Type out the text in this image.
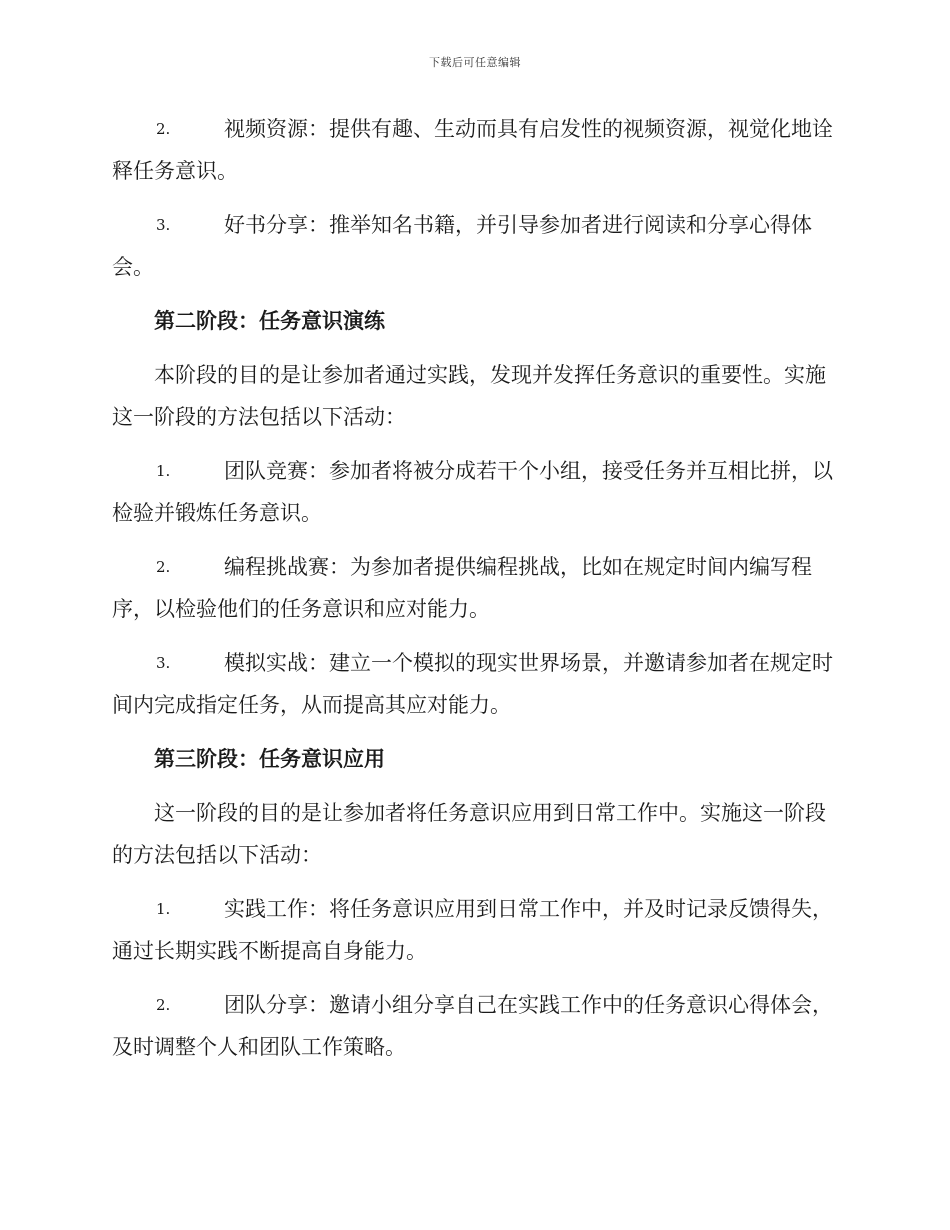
下载后可任意编辑
2.	视频资源：提供有趣、生动而具有启发性的视频资源，视觉化地诠释任务意识。
3.	好书分享：推举知名书籍，并引导参加者进行阅读和分享心得体会。
第二阶段：任务意识演练
本阶段的目的是让参加者通过实践，发现并发挥任务意识的重要性。实施这一阶段的方法包括以下活动：
1.	团队竞赛：参加者将被分成若干个小组，接受任务并互相比拼，以检验并锻炼任务意识。
2.	编程挑战赛：为参加者提供编程挑战，比如在规定时间内编写程序，以检验他们的任务意识和应对能力。
3.	模拟实战：建立一个模拟的现实世界场景，并邀请参加者在规定时间内完成指定任务，从而提高其应对能力。
第三阶段：任务意识应用
这一阶段的目的是让参加者将任务意识应用到日常工作中。实施这一阶段的方法包括以下活动：
1.	实践工作：将任务意识应用到日常工作中，并及时记录反馈得失，通过长期实践不断提高自身能力。
2.	团队分享：邀请小组分享自己在实践工作中的任务意识心得体会，及时调整个人和团队工作策略。
